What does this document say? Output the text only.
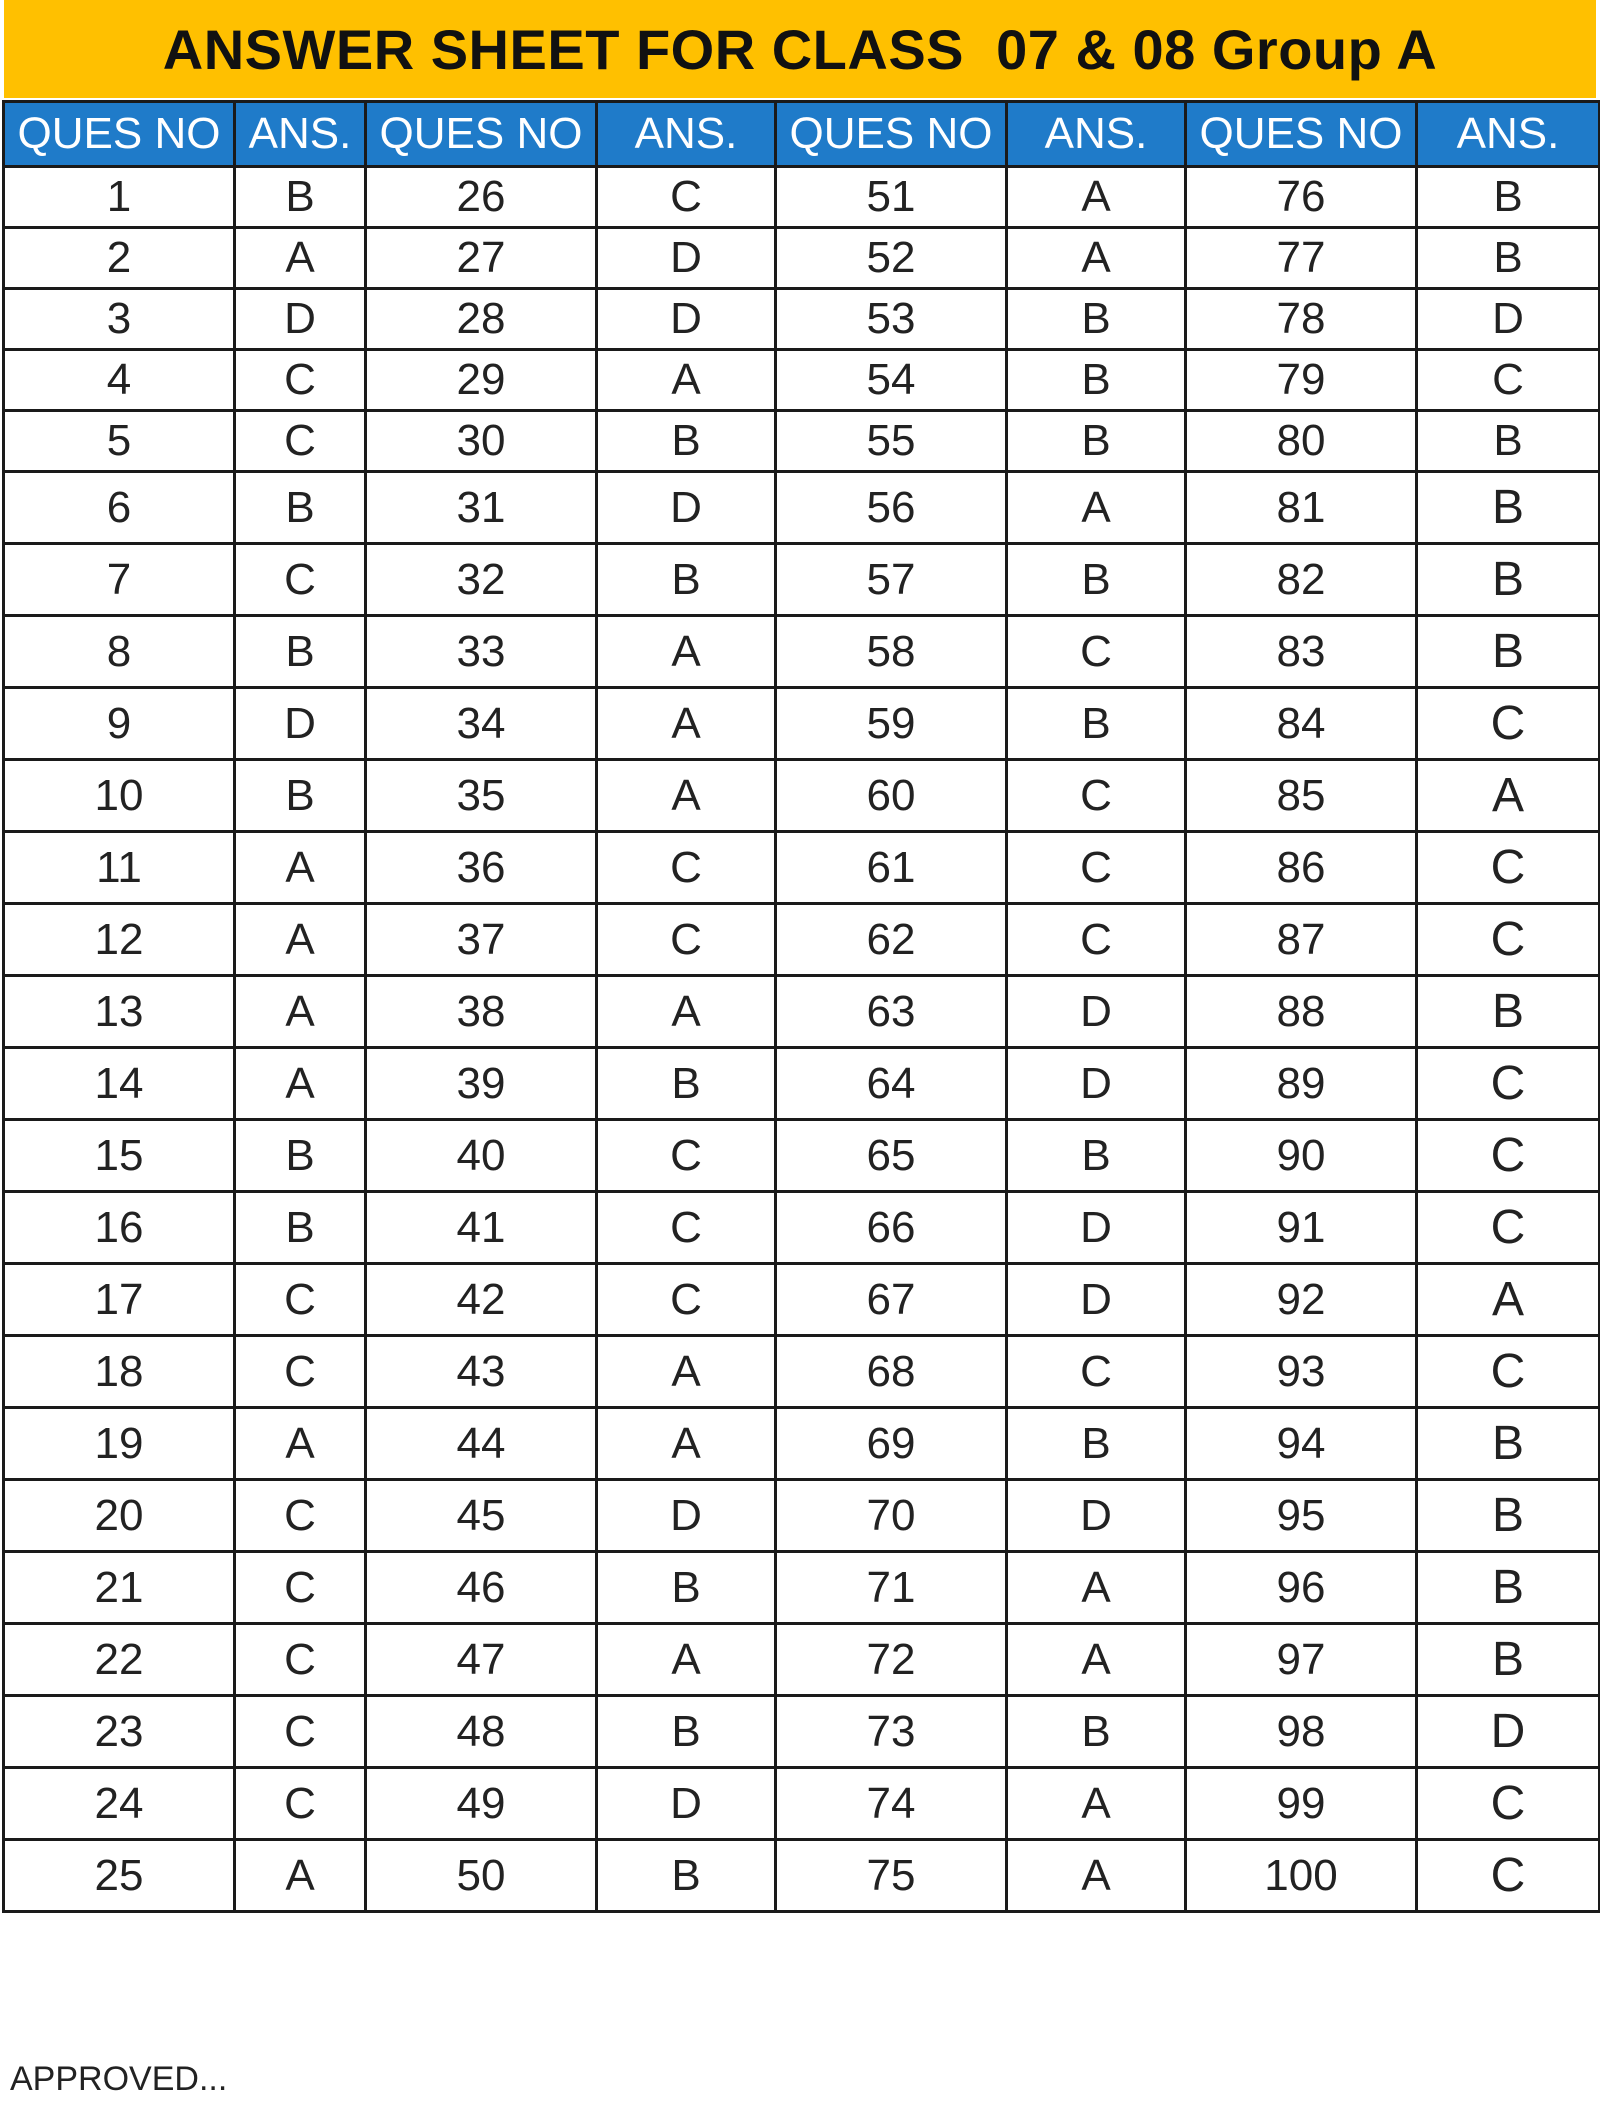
ANSWER SHEET FOR CLASS  07 & 08 Group A
QUES NO	ANS.	QUES NO	ANS.	QUES NO	ANS.	QUES NO	ANS.
1	B	26	C	51	A	76	B
2	A	27	D	52	A	77	B
3	D	28	D	53	B	78	D
4	C	29	A	54	B	79	C
5	C	30	B	55	B	80	B
6	B	31	D	56	A	81	B
7	C	32	B	57	B	82	B
8	B	33	A	58	C	83	B
9	D	34	A	59	B	84	C
10	B	35	A	60	C	85	A
11	A	36	C	61	C	86	C
12	A	37	C	62	C	87	C
13	A	38	A	63	D	88	B
14	A	39	B	64	D	89	C
15	B	40	C	65	B	90	C
16	B	41	C	66	D	91	C
17	C	42	C	67	D	92	A
18	C	43	A	68	C	93	C
19	A	44	A	69	B	94	B
20	C	45	D	70	D	95	B
21	C	46	B	71	A	96	B
22	C	47	A	72	A	97	B
23	C	48	B	73	B	98	D
24	C	49	D	74	A	99	C
25	A	50	B	75	A	100	C
APPROVED...
